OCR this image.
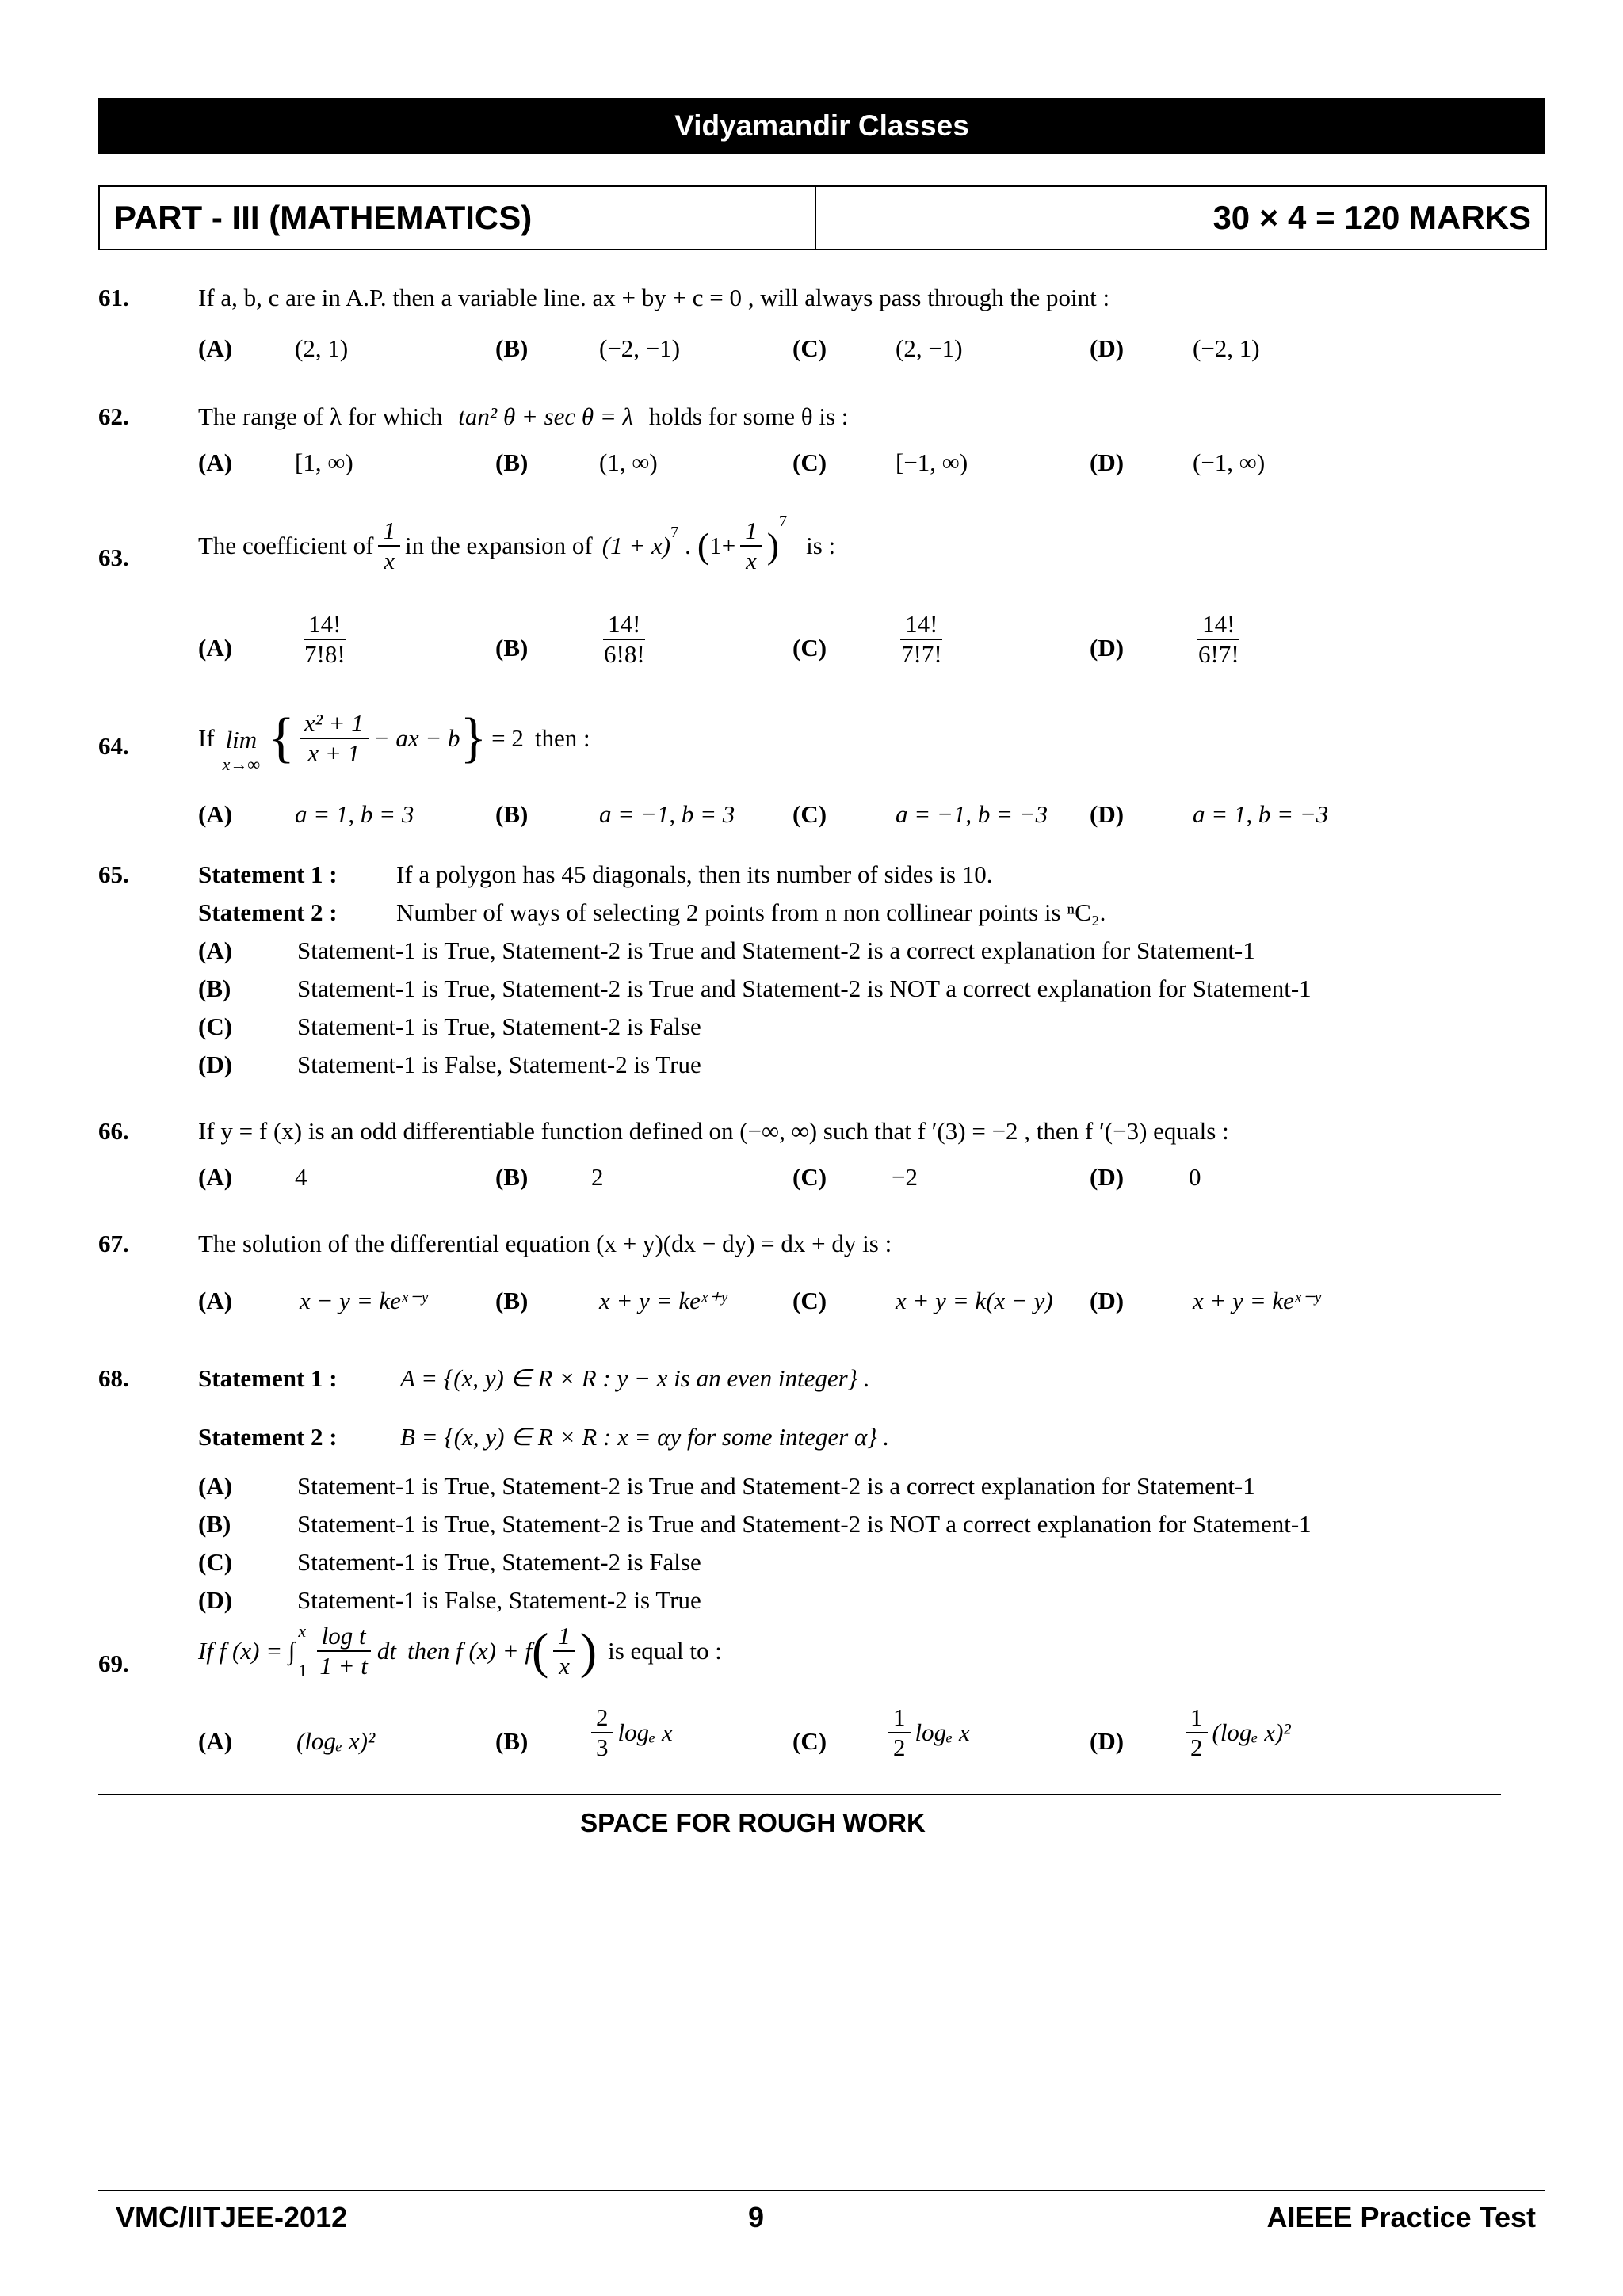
Vidyamandir Classes
PART - III (MATHEMATICS)	30 × 4 = 120 MARKS
61.	If a, b, c are in A.P. then a variable line. ax + by + c = 0 , will always pass through the point :
(A)	(2, 1)	(B)	(−2, −1)	(C)	(2, −1)	(D)	(−2, 1)
62.	The range of λ for which tan² θ + sec θ = λ holds for some θ is :
(A)	[1, ∞)	(B)	(1, ∞)	(C)	[−1, ∞)	(D)	(−1, ∞)
63.	The coefficient of $\frac{1}{x}$ in the expansion of $(1 + x)^7$ . ( $1+ \frac{1}{x}$ )
$^7$
is :
(A)	$\frac{14!}{7!8!}$	(B)	$\frac{14!}{6!8!}$	(C)	$\frac{14!}{7!7!}$	(D)	$\frac{14!}{6!7!}$
64.	If lim
x→∞ { $\frac{\text{x² + 1}}{x + 1}$ − ax − b } = 2 then :
(A)	a = 1, b = 3	(B)	a = −1, b = 3 (C)	a = −1, b = −3 (D)	a = 1, b = −3
65.	Statement 1 : If a polygon has 45 diagonals, then its number of sides is 10.
Statement 2 : Number of ways of selecting 2 points from n non collinear points is ⁿC₂.
(A)	Statement-1 is True, Statement-2 is True and Statement-2 is a correct explanation for Statement-1
(B)	Statement-1 is True, Statement-2 is True and Statement-2 is NOT a correct explanation for Statement-1
(C)	Statement-1 is True, Statement-2 is False
(D)	Statement-1 is False, Statement-2 is True
66.	If y = f (x) is an odd differentiable function defined on (−∞, ∞) such that f ′(3) = −2 , then f ′(−3) equals :
(A)	4	(B)	2	(C)	−2	(D)	0
67.	The solution of the differential equation (x + y)(dx − dy) = dx + dy is :
(A)	x − y = keˣ⁻ʸ	(B)	x + y = keˣ⁺ʸ	(C)	x + y = k(x − y) (D)	x + y = keˣ⁻ʸ
68.	Statement 1 :	A = {(x, y) ∈ R × R : y − x is an even integer} .
Statement 2 :	B = {(x, y) ∈ R × R : x = αy for some integer α} .
(A)	Statement-1 is True, Statement-2 is True and Statement-2 is a correct explanation for Statement-1
(B)	Statement-1 is True, Statement-2 is True and Statement-2 is NOT a correct explanation for Statement-1
(C)	Statement-1 is True, Statement-2 is False
(D)	Statement-1 is False, Statement-2 is True
69.	If f (x) = ∫
x
$1 \frac{\text{log t}}{1 + t}$ dt then f (x) + f ( $\frac{1}{x}$ ) is equal to :
(A)	(logₑ x)²	(B)	$\frac{2}{3}$ logₑ x	(C)	$\frac{1}{2}$ logₑ x	(D)	$\frac{1}{2} (\log_e$ x)²
SPACE FOR ROUGH WORK
VMC/IITJEE-2012	9	AIEEE Practice Test
